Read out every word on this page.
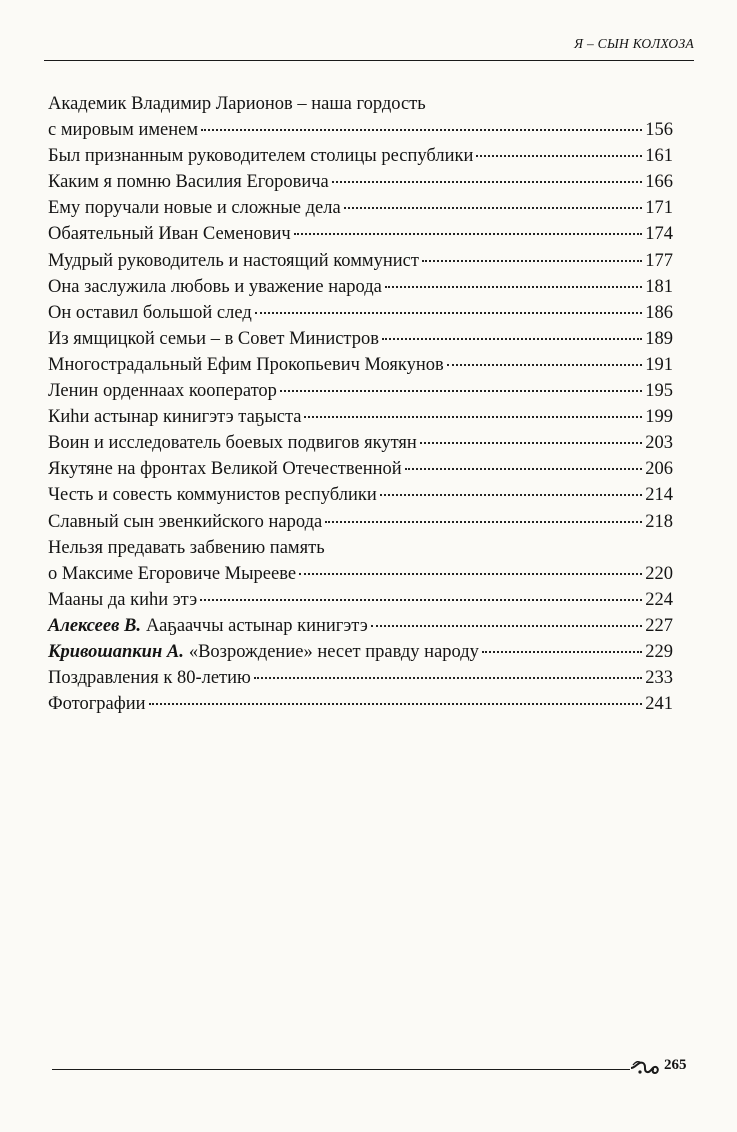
Я – СЫН КОЛХОЗА
Академик Владимир Ларионов – наша гордость
с мировым именем	156
Был признанным руководителем столицы республики	161
Каким я помню Василия Егоровича	166
Ему поручали новые и сложные дела	171
Обаятельный Иван Семенович	174
Мудрый руководитель и настоящий коммунист	177
Она заслужила любовь и уважение народа	181
Он оставил большой след	186
Из ямщицкой семьи – в Совет Министров	189
Многострадальный Ефим Прокопьевич Моякунов	191
Ленин орденнаах кооператор	195
Киhи астынар кинигэтэ таҕыста	199
Воин и исследователь боевых подвигов якутян	203
Якутяне на фронтах Великой Отечественной	206
Честь и совесть коммунистов республики	214
Славный сын эвенкийского народа	218
Нельзя предавать забвению память
о Максиме Егоровиче Мыреeве	220
Мааны да киhи этэ	224
Алексеев В. Ааҕааччы астынар кинигэтэ	227
Кривошапкин А. «Возрождение» несет правду народу	229
Поздравления к 80-летию	233
Фотографии	241
265
